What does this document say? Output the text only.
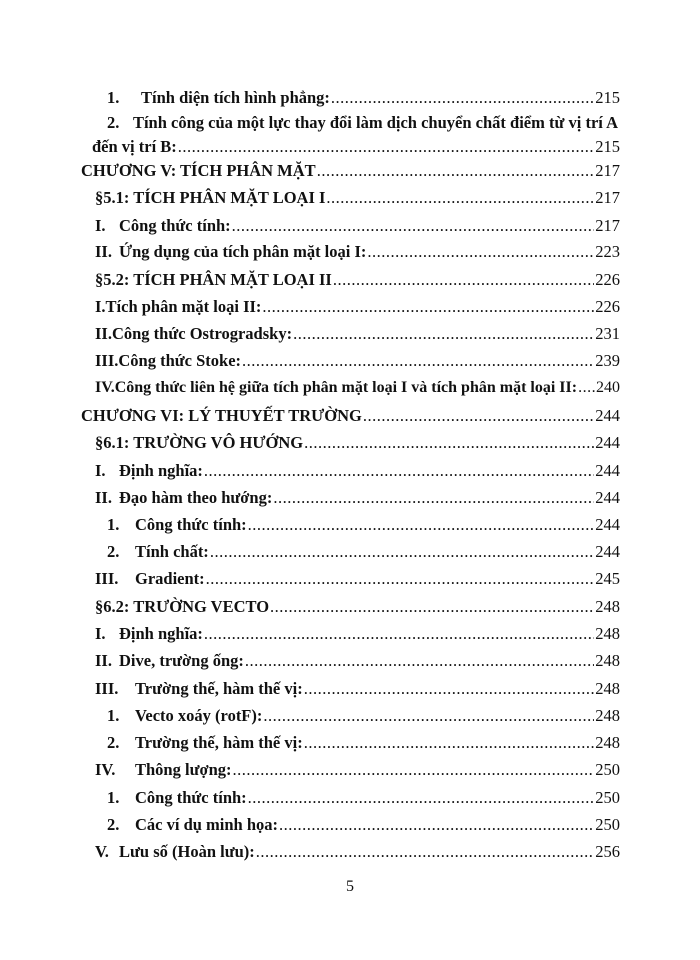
1.	Tính diện tích hình phẳng: .....	215
2. Tính công của một lực thay đổi làm dịch chuyển chất điểm từ vị trí A
đến vị trí B: .....	215
CHƯƠNG V: TÍCH PHÂN MẶT .....	217
§5.1: TÍCH PHÂN MẶT LOẠI I .....	217
I. Công thức tính: .....	217
II. Ứng dụng của tích phân mặt loại I: .....	223
§5.2: TÍCH PHÂN MẶT LOẠI II .....	226
I.Tích phân mặt loại II: .....	226
II.Công thức Ostrogradsky: .....	231
III.Công thức Stoke: .....	239
IV.Công thức liên hệ giữa tích phân mặt loại I và tích phân mặt loại II: ..... 240
CHƯƠNG VI: LÝ THUYẾT TRƯỜNG .....	244
§6.1: TRƯỜNG VÔ HƯỚNG .....	244
I. Định nghĩa: .....	244
II. Đạo hàm theo hướng: .....	244
1. Công thức tính: .....	244
2. Tính chất: .....	244
III.	Gradient: .....	245
§6.2: TRƯỜNG VECTO .....	248
I. Định nghĩa: .....	248
II. Dive, trường ống: .....	248
III.	Trường thế, hàm thế vị: .....	248
1. Vecto xoáy (rotF): .....	248
2. Trường thế, hàm thế vị: .....	248
IV.	Thông lượng: .....	250
1. Công thức tính: .....	250
2. Các ví dụ minh họa: .....	250
V. Lưu số (Hoàn lưu): .....	256
5
